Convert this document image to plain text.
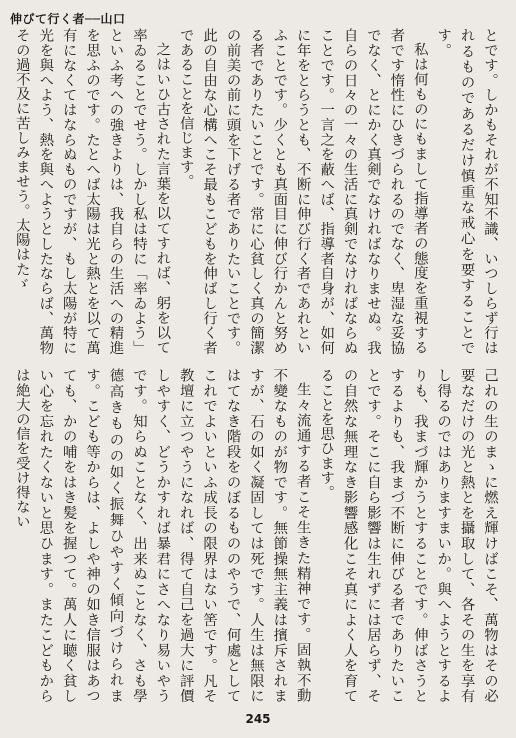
伸びて行く者──山口

とです。しかもそれが不知不識、いつしらず行はれるものであるだけ慎重な戒心を要することです。

私は何ものにもまして指導者の態度を重視する者です惰性にひきづられるのでなく、卑湿な妥協でなく、とにかく真剣でなければなりませぬ。我自らの日々の一々の生活に真剣でなければならぬことです。一言之を蔽へば、指導者自身が、如何に年をとらうとも、不断に伸び行く者であれといふことです。少くとも真面目に伸び行かんと努める者でありたいことです。常に心貧しく真の簡潔の前美の前に頭を下げる者でありたいことです。此の自由な心構へこそ最もこどもを伸ばし行く者であることを信じます。

之はいひ古された言葉を以てすれば、躬を以て率ゐることでせう。しかし私は特に「率ゐよう」といふ考への強きよりは、我自らの生活への精進を思ふのです。たとへば太陽は光と熱とを以て萬有になくてはならぬものですが、もし太陽が特に光を與へよう、熱を與へようとしたならば、萬物その過不及に苦しみませう。太陽はたゞ

己れの生のまゝに燃え輝けばこそ、萬物はその必要なだけの光と熱とを攝取して、各その生を享有し得るのではありますまいか。與へようとするよりも、我まづ輝かうとすることです。伸ばさうとするよりも、我まづ不断に伸びる者でありたいことです。そこに自ら影響は生れずには居らず、その自然な無理なき影響感化こそ真によく人を育てることを思ひます。

生々流通する者こそ生きた精神です。固執不動不變なものが物です。無節操無主義は擯斥されますが、石の如く凝固しては死です。人生は無限にはてなき階段をのぼるもののやうで、何處としてこれでよいといふ成長の限界はない筈です。凡そ教壇に立つやうになれば、得て自己を過大に評價しやすく、どうかすれば暴君にさへなり易いやうです。知らぬことなく、出来ぬことなく、さも學德高きものの如く振舞ひやすく傾向づけられます。こども等からは、よしや神の如き信服はあつても、かの哺をはき髪を握つて。萬人に聴く貧しい心を忘れたくないと思ひます。またこどもからは絶大の信を受け得ない

245
